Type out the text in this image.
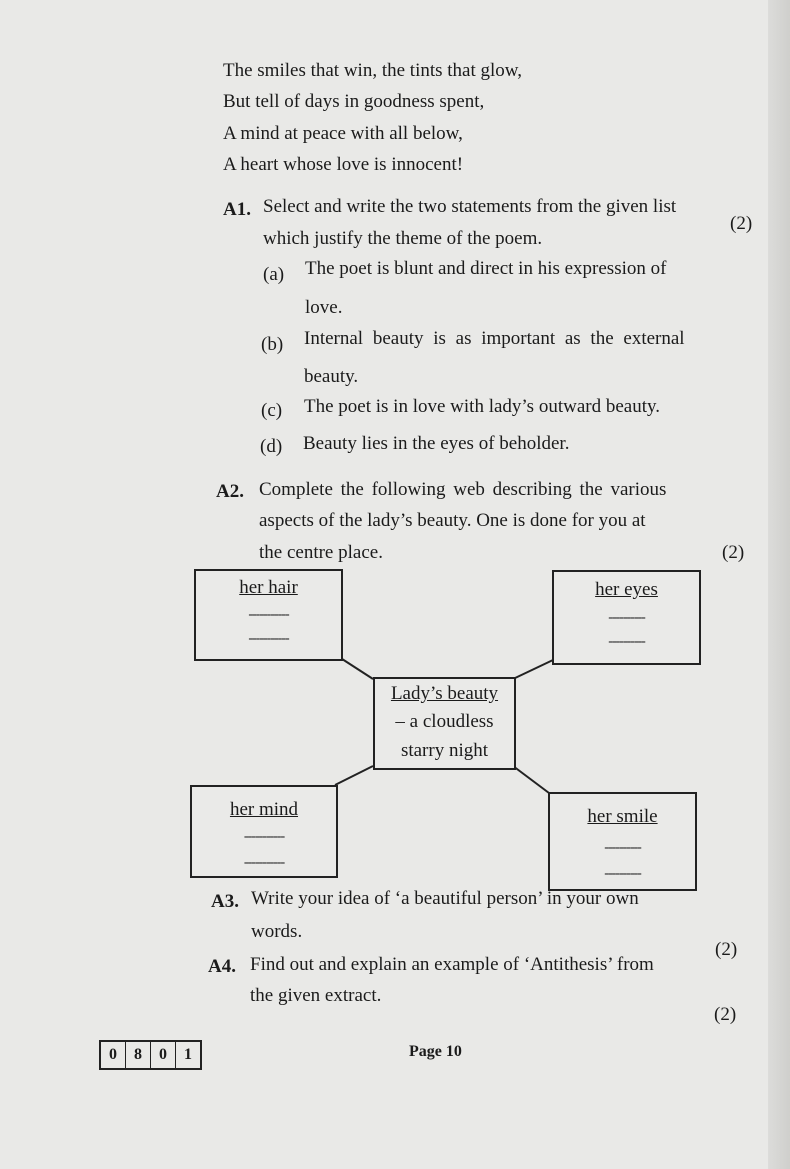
The smiles that win, the tints that glow,
But tell of days in goodness spent,
A mind at peace with all below,
A heart whose love is innocent!
A1. Select and write the two statements from the given list
which justify the theme of the poem.
(2)
(a) The poet is blunt and direct in his expression of
love.
(b) Internal beauty is as important as the external
beauty.
(c) The poet is in love with lady’s outward beauty.
(d) Beauty lies in the eyes of beholder.
A2. Complete the following web describing the various
aspects of the lady’s beauty. One is done for you at
the centre place.	(2)
her hair
-----------
-----------
her eyes
----------
----------
Lady’s beauty
– a cloudless
starry night
her mind
-----------
-----------
her smile
----------
----------
A3. Write your idea of ‘a beautiful person’ in your own
words.
(2)
A4. Find out and explain an example of ‘Antithesis’ from
the given extract.
(2)
0	8	0	1	Page 10
